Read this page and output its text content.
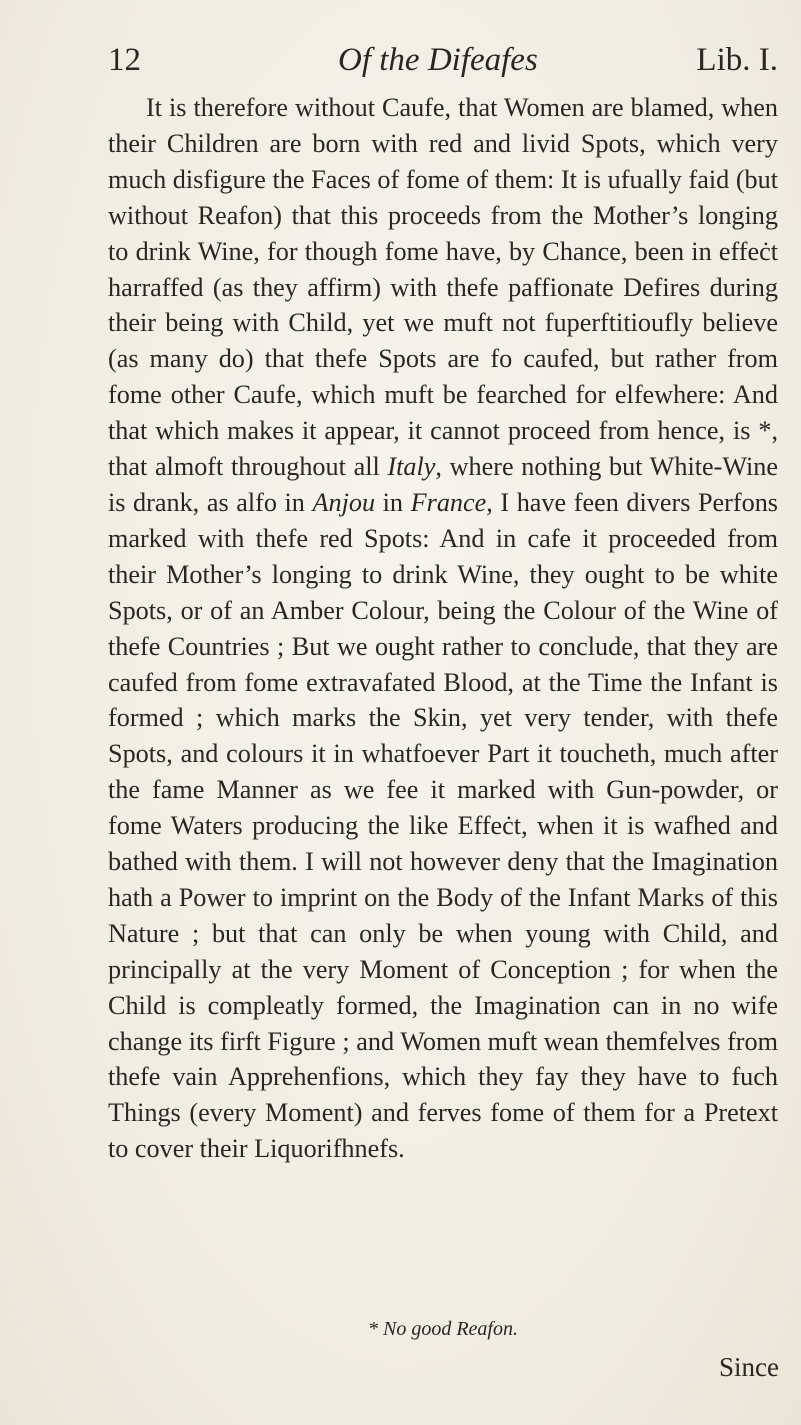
12	Of the Difeafes	Lib. I.

It is therefore without Caufe, that Women are blamed, when their Children are born with red and livid Spots, which very much disfigure the Faces of fome of them: It is ufually faid (but without Reafon) that this proceeds from the Mother’s longing to drink Wine, for though fome have, by Chance, been in effeċt harraffed (as they affirm) with thefe paffionate Defires during their being with Child, yet we muft not fuperftitioufly believe (as many do) that thefe Spots are fo caufed, but rather from fome other Caufe, which muft be fearched for elfewhere: And that which makes it appear, it cannot proceed from hence, is *, that almoft throughout all Italy, where nothing but White-Wine is drank, as alfo in Anjou in France, I have feen divers Perfons marked with thefe red Spots: And in cafe it proceeded from their Mother’s longing to drink Wine, they ought to be white Spots, or of an Amber Colour, being the Colour of the Wine of thefe Countries ; But we ought rather to conclude, that they are caufed from fome extravafated Blood, at the Time the Infant is formed ; which marks the Skin, yet very tender, with thefe Spots, and colours it in whatfoever Part it toucheth, much after the fame Manner as we fee it marked with Gun-powder, or fome Waters producing the like Effeċt, when it is wafhed and bathed with them. I will not however deny that the Imagination hath a Power to imprint on the Body of the Infant Marks of this Nature ; but that can only be when young with Child, and principally at the very Moment of Conception ; for when the Child is compleatly formed, the Imagination can in no wife change its firft Figure ; and Women muft wean themfelves from thefe vain Apprehenfions, which they fay they have to fuch Things (every Moment) and ferves fome of them for a Pretext to cover their Liquorifhnefs.

* No good Reafon.
Since
